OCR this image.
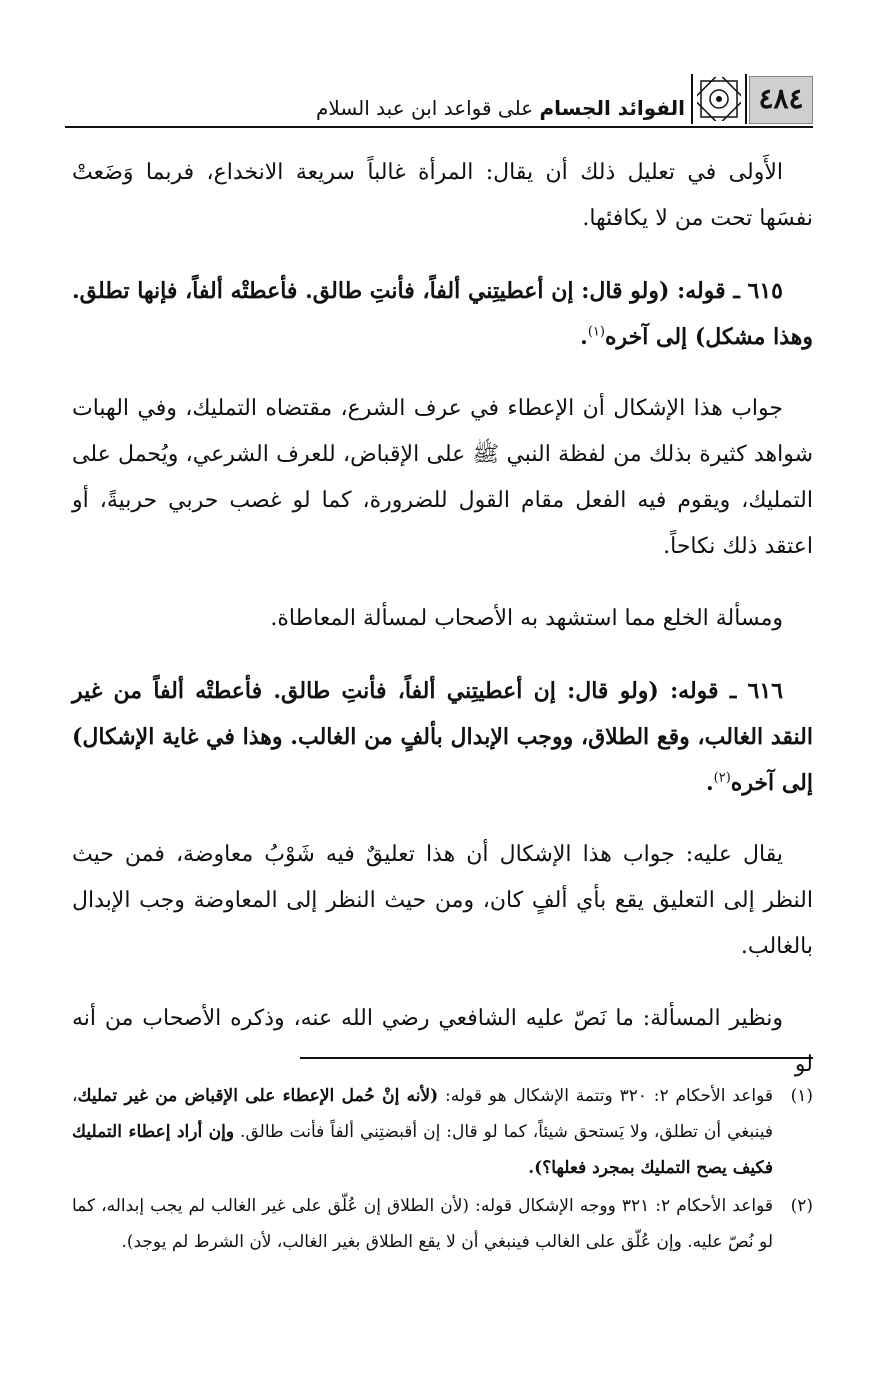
٤٨٤
الفوائد الجسام على قواعد ابن عبد السلام

الأَولى في تعليل ذلك أن يقال: المرأة غالباً سريعة الانخداع، فربما وَضَعتْ نفسَها تحت من لا يكافئها.

٦١٥ ـ قوله: (ولو قال: إن أعطيتِني ألفاً، فأنتِ طالق. فأعطتْه ألفاً، فإنها تطلق. وهذا مشكل) إلى آخره$^{(١)}$.

جواب هذا الإشكال أن الإعطاء في عرف الشرع، مقتضاه التمليك، وفي الهبات شواهد كثيرة بذلك من لفظة النبي ﷺ على الإقباض، للعرف الشرعي، ويُحمل على التمليك، ويقوم فيه الفعل مقام القول للضرورة، كما لو غصب حربي حربيةً، أو اعتقد ذلك نكاحاً.

ومسألة الخلع مما استشهد به الأصحاب لمسألة المعاطاة.

٦١٦ ـ قوله: (ولو قال: إن أعطيتِني ألفاً، فأنتِ طالق. فأعطتْه ألفاً من غير النقد الغالب، وقع الطلاق، ووجب الإبدال بألفٍ من الغالب. وهذا في غاية الإشكال) إلى آخره$^{(٢)}$.

يقال عليه: جواب هذا الإشكال أن هذا تعليقٌ فيه شَوْبُ معاوضة، فمن حيث النظر إلى التعليق يقع بأي ألفٍ كان، ومن حيث النظر إلى المعاوضة وجب الإبدال بالغالب.

ونظير المسألة: ما نَصّ عليه الشافعي رضي الله عنه، وذكره الأصحاب من أنه لو

(١)
قواعد الأحكام ٢: ٣٢٠ وتتمة الإشكال هو قوله: (لأنه إنْ حُمل الإعطاء على الإقباض من غير تمليك، فينبغي أن تطلق، ولا يَستحق شيئاً، كما لو قال: إن أقبضتِني ألفاً فأنت طالق. وإن أراد إعطاء التمليك فكيف يصح التمليك بمجرد فعلها؟).
(٢)
قواعد الأحكام ٢: ٣٢١ ووجه الإشكال قوله: (لأن الطلاق إن عُلّق على غير الغالب لم يجب إبداله، كما لو نُصّ عليه. وإن عُلّق على الغالب فينبغي أن لا يقع الطلاق بغير الغالب، لأن الشرط لم يوجد).
